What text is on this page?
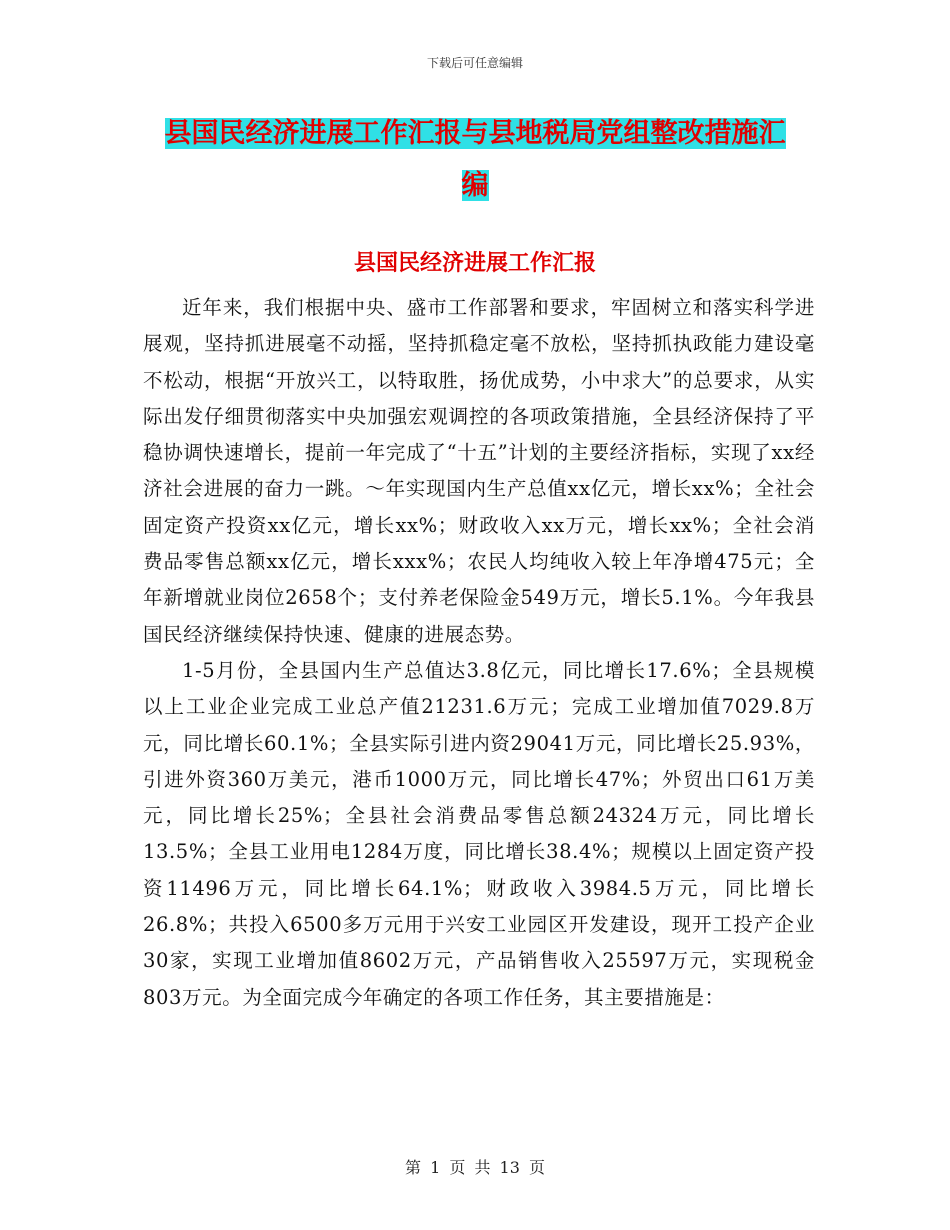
下载后可任意编辑
县国民经济进展工作汇报与县地税局党组整改措施汇
编
县国民经济进展工作汇报

近年来，我们根据中央、盛市工作部署和要求，牢固树立和落实科学进展观，坚持抓进展毫不动摇，坚持抓稳定毫不放松，坚持抓执政能力建设毫不松动，根据“开放兴工，以特取胜，扬优成势，小中求大”的总要求，从实际出发仔细贯彻落实中央加强宏观调控的各项政策措施，全县经济保持了平稳协调快速增长，提前一年完成了“十五”计划的主要经济指标，实现了xx经济社会进展的奋力一跳。～年实现国内生产总值xx亿元，增长xx%；全社会固定资产投资xx亿元，增长xx%；财政收入xx万元，增长xx%；全社会消费品零售总额xx亿元，增长xxx%；农民人均纯收入较上年净增475元；全年新增就业岗位2658个；支付养老保险金549万元，增长5.1%。今年我县国民经济继续保持快速、健康的进展态势。

1-5月份，全县国内生产总值达3.8亿元，同比增长17.6%；全县规模以上工业企业完成工业总产值21231.6万元；完成工业增加值7029.8万元，同比增长60.1%；全县实际引进内资29041万元，同比增长25.93%，引进外资360万美元，港币1000万元，同比增长47%；外贸出口61万美元，同比增长25%；全县社会消费品零售总额24324万元，同比增长13.5%；全县工业用电1284万度，同比增长38.4%；规模以上固定资产投资11496万元，同比增长64.1%；财政收入3984.5万元，同比增长26.8%；共投入6500多万元用于兴安工业园区开发建设，现开工投产企业30家，实现工业增加值8602万元，产品销售收入25597万元，实现税金803万元。为全面完成今年确定的各项工作任务，其主要措施是：

第 1 页 共 13 页
